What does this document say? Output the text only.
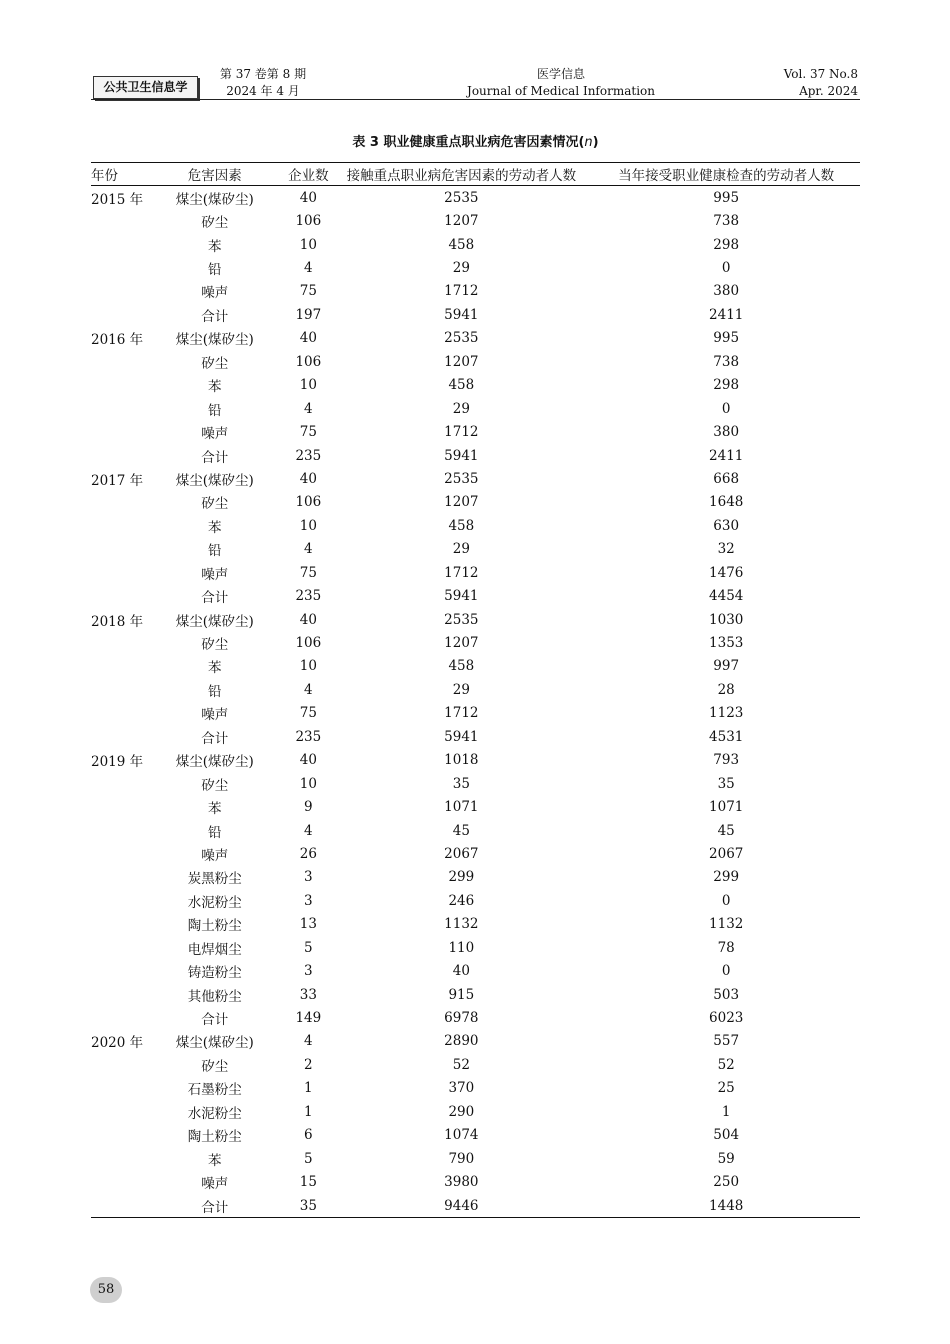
公共卫生信息学
第 37 卷第 8 期
2024 年 4 月
医学信息
Journal of Medical Information
Vol. 37 No.8
Apr. 2024
表 3 职业健康重点职业病危害因素情况(n)
年份	危害因素	企业数	接触重点职业病危害因素的劳动者人数	当年接受职业健康检查的劳动者人数
2015 年	煤尘(煤矽尘)	40	2535	995
	矽尘	106	1207	738
	苯	10	458	298
	铅	4	29	0
	噪声	75	1712	380
	合计	197	5941	2411
2016 年	煤尘(煤矽尘)	40	2535	995
	矽尘	106	1207	738
	苯	10	458	298
	铅	4	29	0
	噪声	75	1712	380
	合计	235	5941	2411
2017 年	煤尘(煤矽尘)	40	2535	668
	矽尘	106	1207	1648
	苯	10	458	630
	铅	4	29	32
	噪声	75	1712	1476
	合计	235	5941	4454
2018 年	煤尘(煤矽尘)	40	2535	1030
	矽尘	106	1207	1353
	苯	10	458	997
	铅	4	29	28
	噪声	75	1712	1123
	合计	235	5941	4531
2019 年	煤尘(煤矽尘)	40	1018	793
	矽尘	10	35	35
	苯	9	1071	1071
	铅	4	45	45
	噪声	26	2067	2067
	炭黑粉尘	3	299	299
	水泥粉尘	3	246	0
	陶土粉尘	13	1132	1132
	电焊烟尘	5	110	78
	铸造粉尘	3	40	0
	其他粉尘	33	915	503
	合计	149	6978	6023
2020 年	煤尘(煤矽尘)	4	2890	557
	矽尘	2	52	52
	石墨粉尘	1	370	25
	水泥粉尘	1	290	1
	陶土粉尘	6	1074	504
	苯	5	790	59
	噪声	15	3980	250
	合计	35	9446	1448
58
